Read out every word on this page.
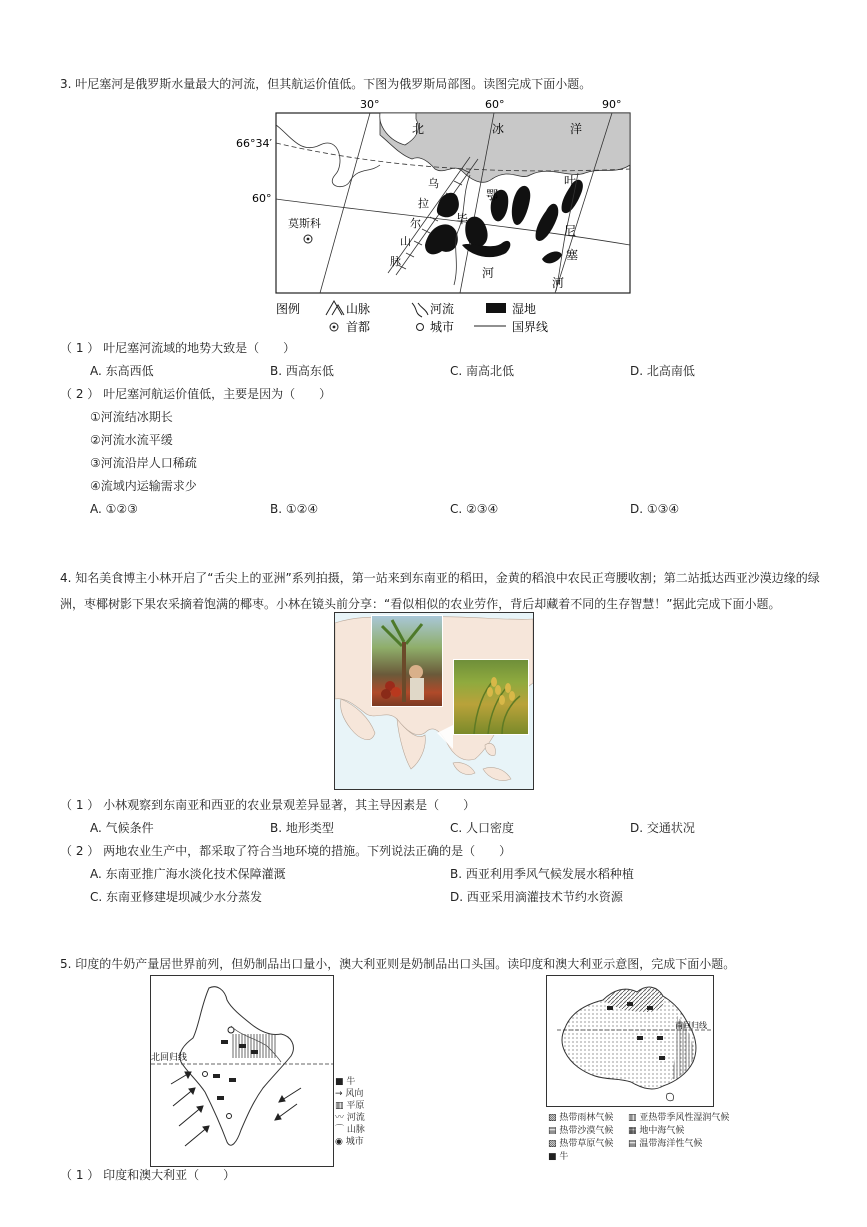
3. 叶尼塞河是俄罗斯水量最大的河流，但其航运价值低。下图为俄罗斯局部图。读图完成下面小题。
30°	60°	90°
66°34′
60°
北	冰	洋
乌
拉
尔
山
脉
鄂
毕
河
叶
尼
塞
河
莫斯科
图例	山脉	河流	湿地
首都	城市	国界线
（ 1 ） 叶尼塞河流域的地势大致是（　　）
A. 东高西低	B. 西高东低	C. 南高北低	D. 北高南低
（ 2 ） 叶尼塞河航运价值低，主要是因为（　　）
①河流结冰期长
②河流水流平缓
③河流沿岸人口稀疏
④流域内运输需求少
A. ①②③	B. ①②④	C. ②③④	D. ①③④
4. 知名美食博主小林开启了“舌尖上的亚洲”系列拍摄，第一站来到东南亚的稻田，金黄的稻浪中农民正弯腰收割；第二站抵达西亚沙漠边缘的绿洲，枣椰树影下果农采摘着饱满的椰枣。小林在镜头前分享：“看似相似的农业劳作，背后却藏着不同的生存智慧！”据此完成下面小题。
（ 1 ） 小林观察到东南亚和西亚的农业景观差异显著，其主导因素是（　　）
A. 气候条件	B. 地形类型	C. 人口密度	D. 交通状况
（ 2 ） 两地农业生产中，都采取了符合当地环境的措施。下列说法正确的是（　　）
A. 东南亚推广海水淡化技术保障灌溉	B. 西亚利用季风气候发展水稻种植
C. 东南亚修建堤坝减少水分蒸发	D. 西亚采用滴灌技术节约水资源
5. 印度的牛奶产量居世界前列，但奶制品出口量小，澳大利亚则是奶制品出口头国。读印度和澳大利亚示意图，完成下面小题。
北回归线
■ 牛
→ 风向
▥ 平原
〰 河流
⌒ 山脉
◉ 城市
南回归线
▨ 热带雨林气候	▥ 亚热带季风性湿润气候
▤ 热带沙漠气候	▦ 地中海气候
▧ 热带草原气候	▤ 温带海洋性气候
■ 牛
（ 1 ） 印度和澳大利亚（　　）
